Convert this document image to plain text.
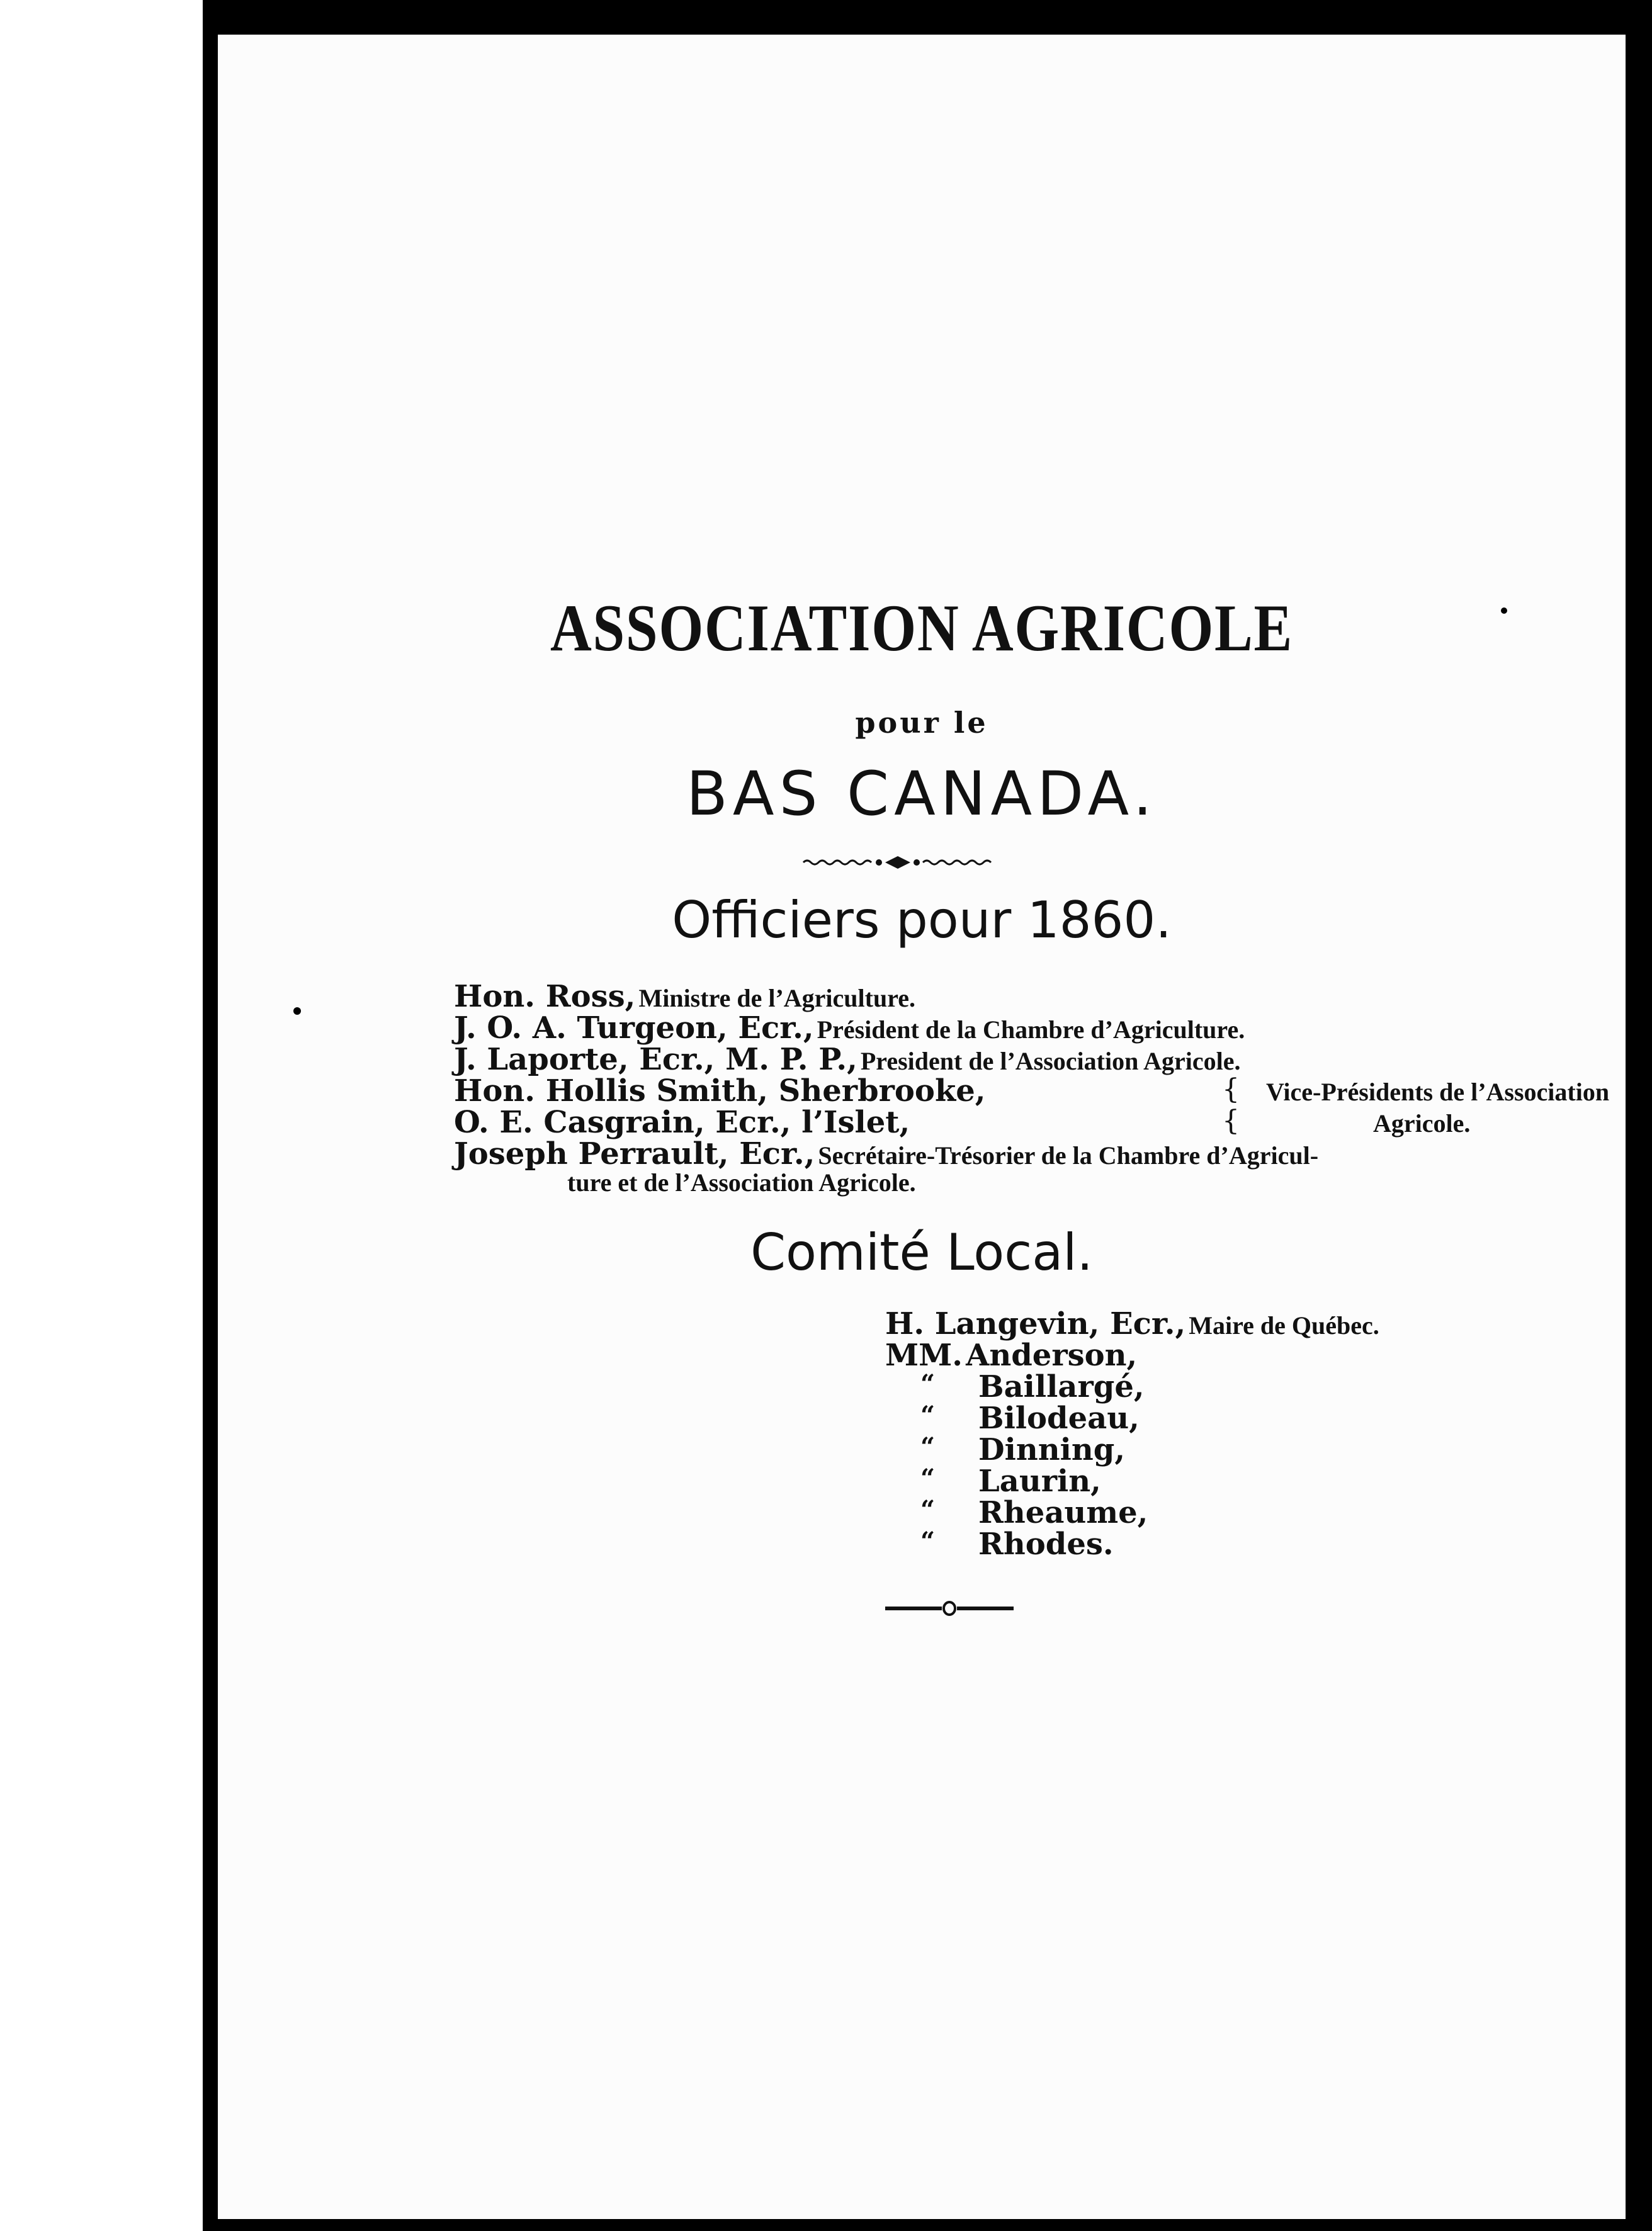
ASSOCIATION AGRICOLE
pour le
BAS CANADA.
Officiers pour 1860.
Hon. Ross, Ministre de l’Agriculture.
J. O. A. Turgeon, Ecr., Président de la Chambre d’Agriculture.
J. Laporte, Ecr., M. P. P., President de l’Association Agricole.
Hon. Hollis Smith, Sherbrooke,
O. E. Casgrain, Ecr., l’Islet,
{
{
Vice-Présidents de l’Association
Agricole.
Joseph Perrault, Ecr., Secrétaire-Trésorier de la Chambre d’Agricul-
ture et de l’Association Agricole.
Comité Local.
H. Langevin, Ecr., Maire de Québec.
MM. Anderson,
“ Baillargé,
“ Bilodeau,
“ Dinning,
“ Laurin,
“ Rheaume,
“ Rhodes.
